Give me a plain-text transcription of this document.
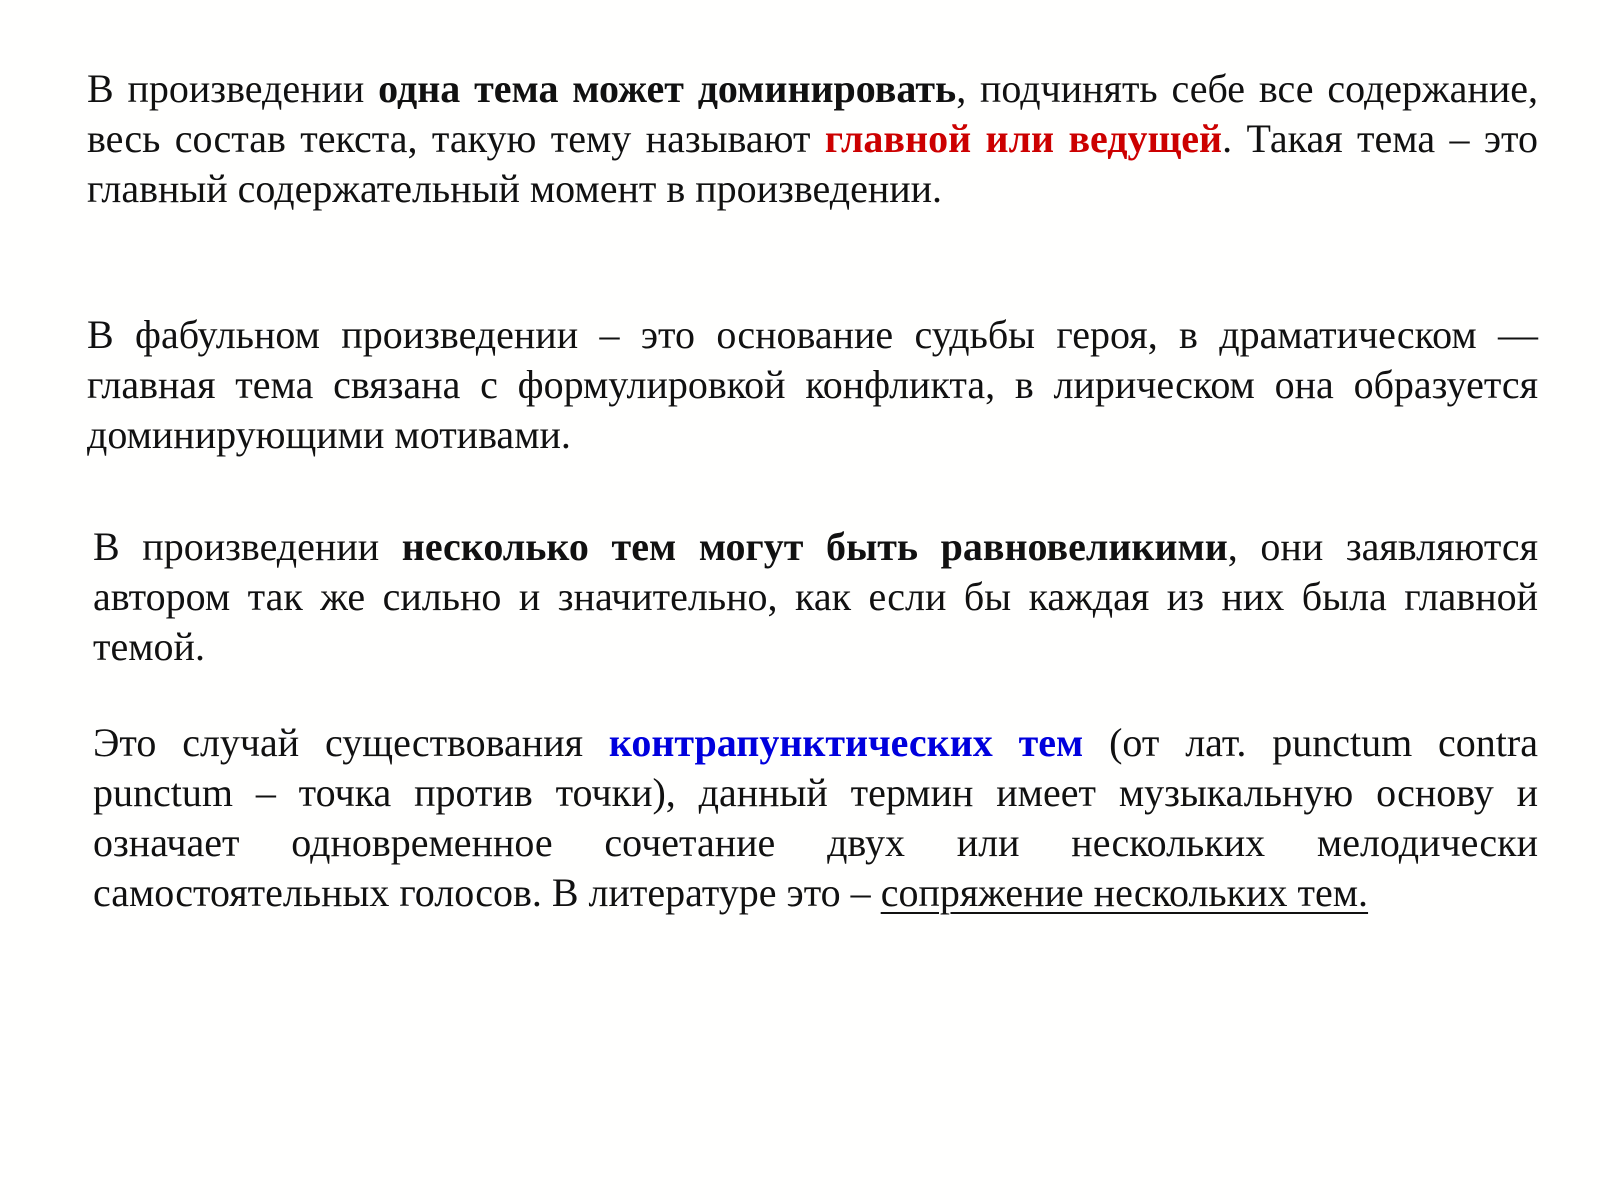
В произведении одна тема может доминировать, подчинять себе все содержание, весь состав текста, такую тему называют главной или ведущей. Такая тема – это главный содержательный момент в произведении.

В фабульном произведении – это основание судьбы героя, в драматическом — главная тема связана с формулировкой конфликта, в лирическом она образуется доминирующими мотивами.

В произведении несколько тем могут быть равновеликими, они заявляются автором так же сильно и значительно, как если бы каждая из них была главной темой.

Это случай существования контрапунктических тем (от лат. punctum contra punctum – точка против точки), данный термин имеет музыкальную основу и означает одновременное сочетание двух или нескольких мелодически самостоятельных голосов. В литературе это – сопряжение нескольких тем.
